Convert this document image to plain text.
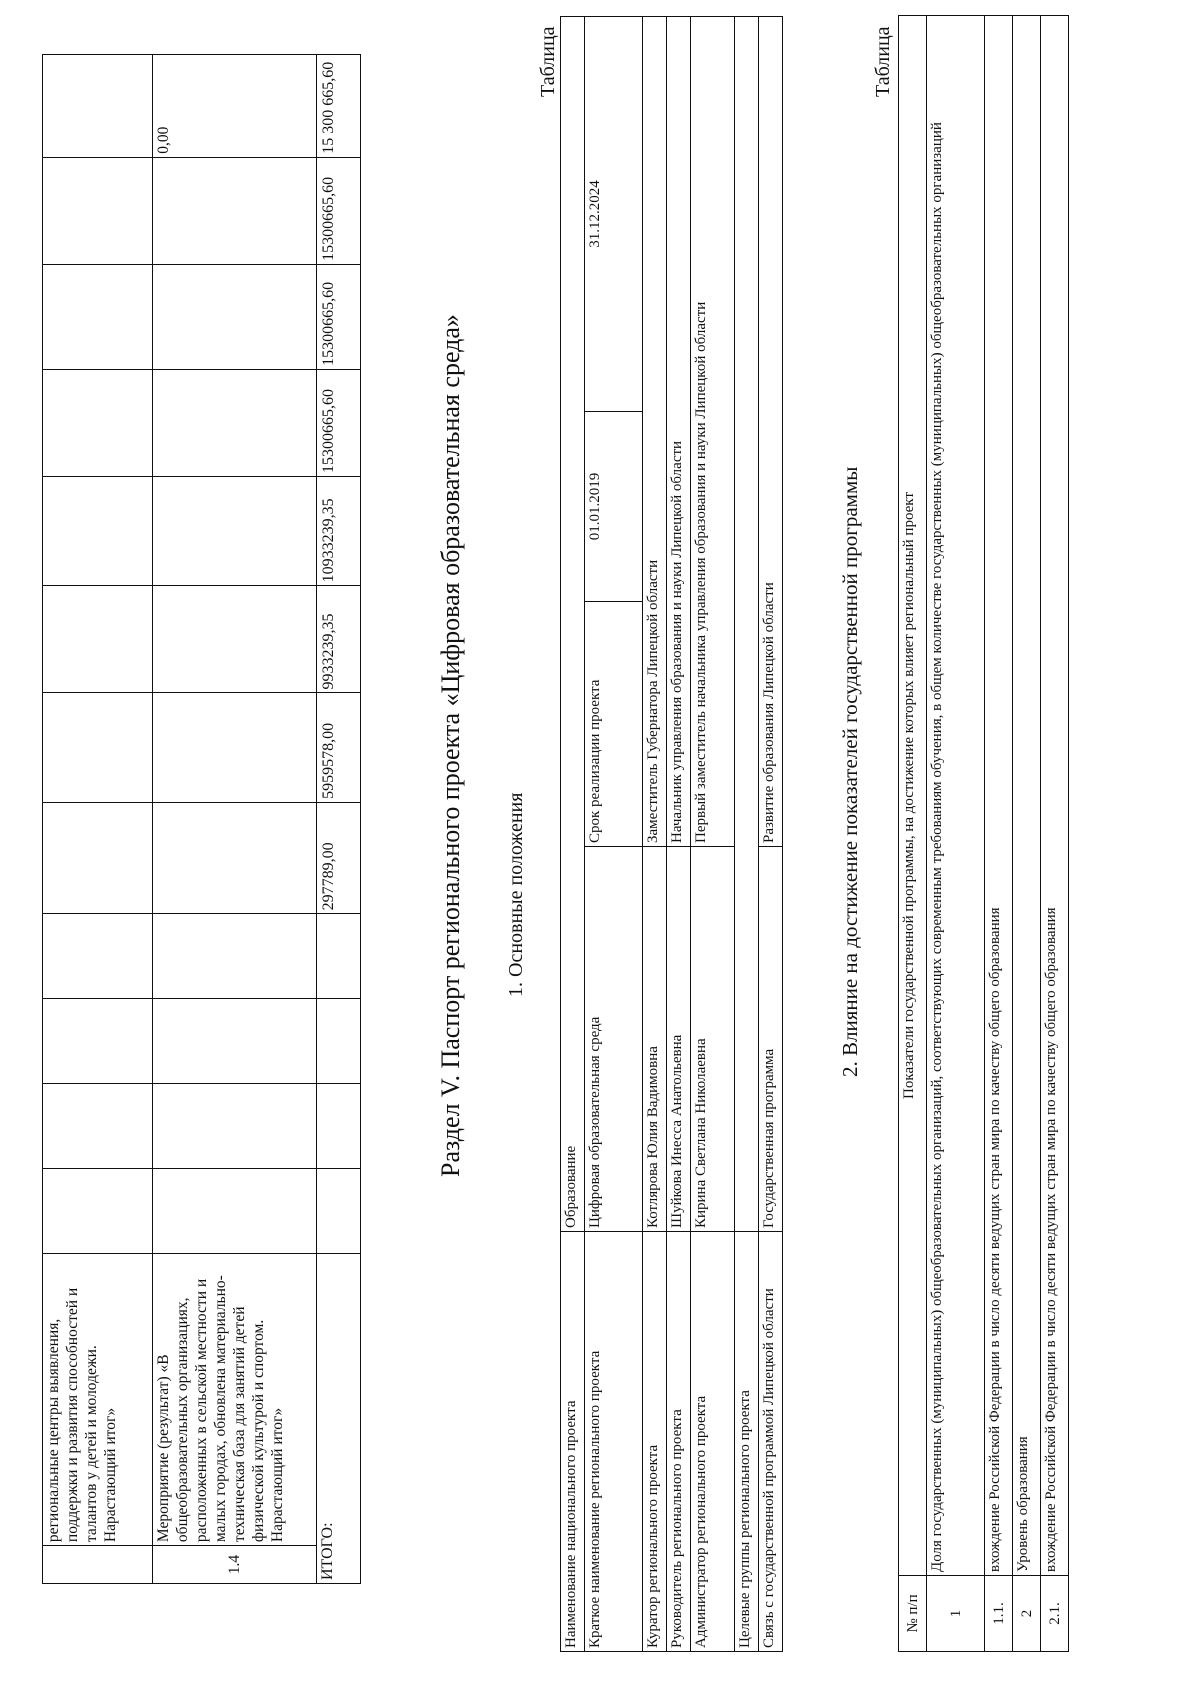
	региональные центры выявления, поддержки и развития способностей и талантов у детей и молодежи. Нарастающий итог»												
1.4	Мероприятие (результат) «В общеобразовательных организациях, расположенных в сельской местности и малых городах, обновлена материально-техническая база для занятий детей физической культурой и спортом. Нарастающий итог»												0,00
ИТОГО:						297789,00	5959578,00	9933239,35	10933239,35	15300665,60	15300665,60	15300665,60	15 300 665,60
Раздел V. Паспорт регионального проекта «Цифровая образовательная среда» 1. Основные положения
Таблица
Наименование национального проекта	Образование			
Краткое наименование регионального проекта	Цифровая образовательная среда	Срок реализации проекта	01.01.2019	31.12.2024
Куратор регионального проекта	Котлярова Юлия Вадимовна	Заместитель Губернатора Липецкой области		
Руководитель регионального проекта	Шуйкова Инесса Анатольевна	Начальник управления образования и науки Липецкой области		
Администратор регионального проекта	Кирина Светлана Николаевна	Первый заместитель начальника управления образования и науки Липецкой области		
Целевые группы регионального проекта				
Связь с государственной программой Липецкой области	Государственная программа	Развитие образования Липецкой области			2. Влияние на достижение показателей государственной программы
Таблица
№ п/п	Показатели государственной программы, на достижение которых влияет региональный проект
1	Доля государственных (муниципальных) общеобразовательных организаций, соответствующих современным требованиям обучения, в общем количестве государственных (муниципальных) общеобразовательных организаций
1.1.	вхождение Российской Федерации в число десяти ведущих стран мира по качеству общего образования
2	Уровень образования
2.1.	вхождение Российской Федерации в число десяти ведущих стран мира по качеству общего образования
